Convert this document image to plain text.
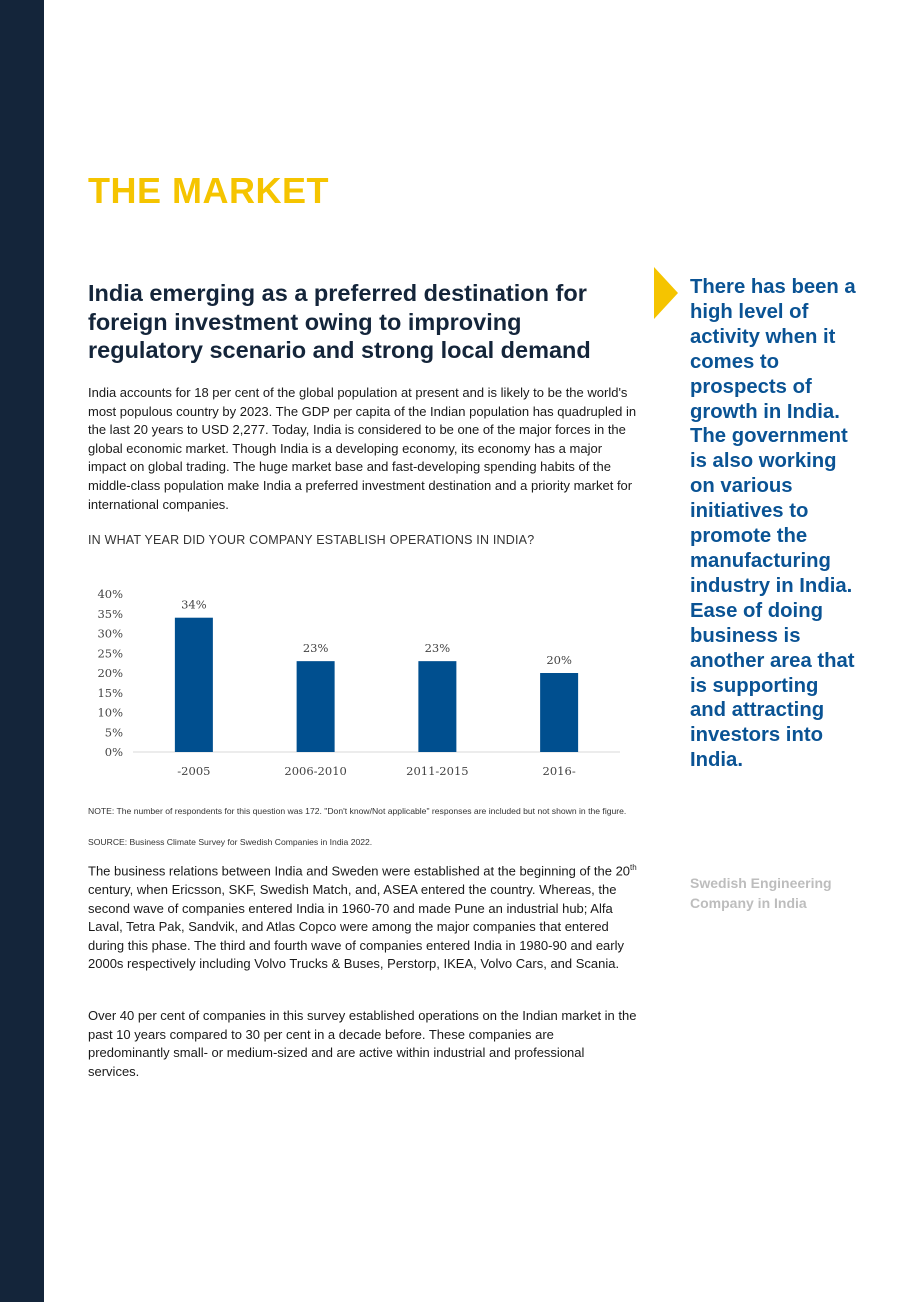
THE MARKET
India emerging as a preferred destination for foreign investment owing to improving regulatory scenario and strong local demand

India accounts for 18 per cent of the global population at present and is likely to be the world's most populous country by 2023. The GDP per capita of the Indian population has quadrupled in the last 20 years to USD 2,277. Today, India is considered to be one of the major forces in the global economic market. Though India is a developing economy, its economy has a major impact on global trading. The huge market base and fast-developing spending habits of the middle-class population make India a preferred investment destination and a priority market for international companies.

IN WHAT YEAR DID YOUR COMPANY ESTABLISH OPERATIONS IN INDIA?

0%
5%
10%
15%
20%
25%
30%
35%
40%
34%
-2005
23%
2006-2010
23%
2011-2015
20%
2016-

NOTE: The number of respondents for this question was 172. "Don't know/Not applicable" responses are included but not shown in the figure.

SOURCE: Business Climate Survey for Swedish Companies in India 2022.

The business relations between India and Sweden were established at the beginning of the 20th century, when Ericsson, SKF, Swedish Match, and, ASEA entered the country. Whereas, the second wave of companies entered India in 1960-70 and made Pune an industrial hub; Alfa Laval, Tetra Pak, Sandvik, and Atlas Copco were among the major companies that entered during this phase. The third and fourth wave of companies entered India in 1980-90 and early 2000s respectively including Volvo Trucks & Buses, Perstorp, IKEA, Volvo Cars, and Scania.

Over 40 per cent of companies in this survey established operations on the Indian market in the past 10 years compared to 30 per cent in a decade before. These companies are predominantly small- or medium-sized and are active within industrial and professional services.

There has been a high level of activity when it comes to prospects of growth in India. The government is also working on various initiatives to promote the manufacturing industry in India.
Ease of doing business is another area that is supporting and attracting investors into India.

Swedish Engineering Company in India
